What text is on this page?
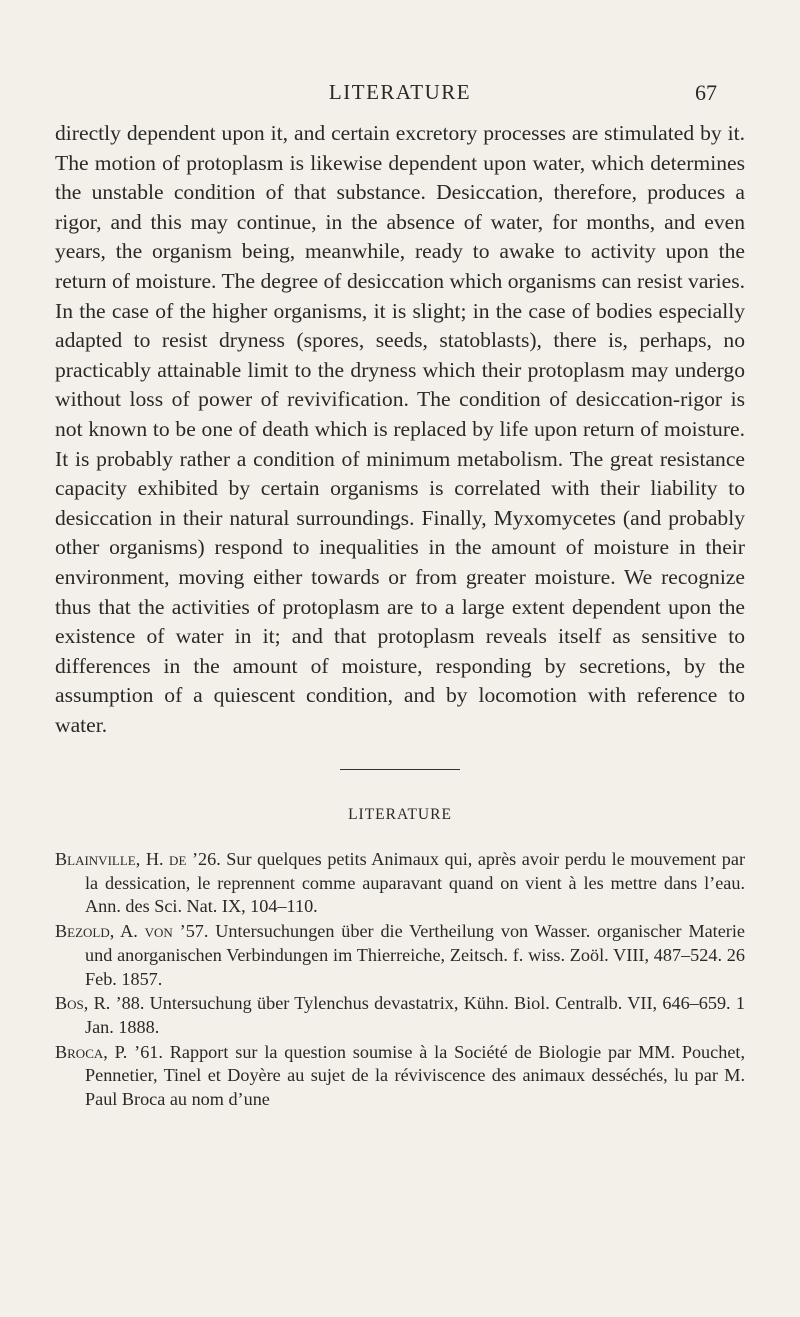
LITERATURE	67

directly dependent upon it, and certain excretory processes are stimulated by it. The motion of protoplasm is likewise dependent upon water, which determines the unstable condition of that substance. Desiccation, therefore, produces a rigor, and this may continue, in the absence of water, for months, and even years, the organism being, meanwhile, ready to awake to activity upon the return of moisture. The degree of desiccation which organisms can resist varies. In the case of the higher organisms, it is slight; in the case of bodies especially adapted to resist dryness (spores, seeds, statoblasts), there is, perhaps, no practicably attainable limit to the dryness which their protoplasm may undergo without loss of power of revivification. The condition of desiccation-rigor is not known to be one of death which is replaced by life upon return of moisture. It is probably rather a condition of minimum metabolism. The great resistance capacity exhibited by certain organisms is correlated with their liability to desiccation in their natural surroundings. Finally, Myxomycetes (and probably other organisms) respond to inequalities in the amount of moisture in their environment, moving either towards or from greater moisture. We recognize thus that the activities of protoplasm are to a large extent dependent upon the existence of water in it; and that protoplasm reveals itself as sensitive to differences in the amount of moisture, responding by secretions, by the assumption of a quiescent condition, and by locomotion with reference to water.

LITERATURE

Blainville, H. de ’26. Sur quelques petits Animaux qui, après avoir perdu le mouvement par la dessication, le reprennent comme auparavant quand on vient à les mettre dans l’eau. Ann. des Sci. Nat. IX, 104–110.

Bezold, A. von ’57. Untersuchungen über die Vertheilung von Wasser. organischer Materie und anorganischen Verbindungen im Thierreiche, Zeitsch. f. wiss. Zoöl. VIII, 487–524. 26 Feb. 1857.

Bos, R. ’88. Untersuchung über Tylenchus devastatrix, Kühn. Biol. Centralb. VII, 646–659. 1 Jan. 1888.

Broca, P. ’61. Rapport sur la question soumise à la Société de Biologie par MM. Pouchet, Pennetier, Tinel et Doyère au sujet de la réviviscence des animaux desséchés, lu par M. Paul Broca au nom d’une
